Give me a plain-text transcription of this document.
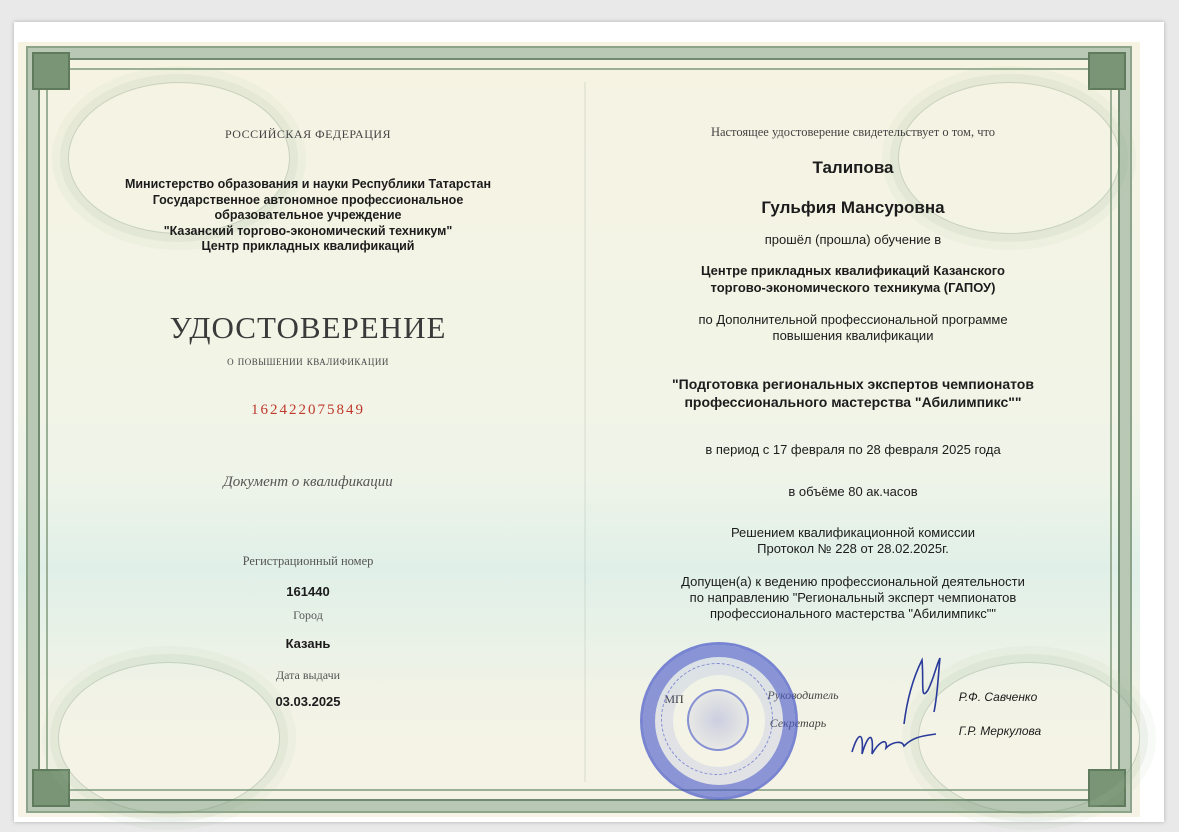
РОССИЙСКАЯ ФЕДЕРАЦИЯ
Министерство образования и науки Республики Татарстан
Государственное автономное профессиональное
образовательное учреждение
"Казанский торгово-экономический техникум"
Центр прикладных квалификаций
УДОСТОВЕРЕНИЕ
о повышении квалификации
162422075849
Документ о квалификации
Регистрационный номер
161440
Город
Казань
Дата выдачи
03.03.2025
Настоящее удостоверение свидетельствует о том, что
Талипова
Гульфия Мансуровна
прошёл (прошла) обучение в
Центре прикладных квалификаций Казанского
торгово-экономического техникума (ГАПОУ)
по Дополнительной профессиональной программе
повышения квалификации
"Подготовка региональных экспертов чемпионатов
профессионального мастерства "Абилимпикс""
в период с 17 февраля по 28 февраля 2025 года
в объёме 80 ак.часов
Решением квалификационной комиссии
Протокол № 228 от 28.02.2025г.
Допущен(а) к ведению профессиональной деятельности
по направлению "Региональный эксперт чемпионатов
профессионального мастерства "Абилимпикс""
МП	Руководитель	Р.Ф. Савченко
Секретарь
Г.Р. Меркулова
